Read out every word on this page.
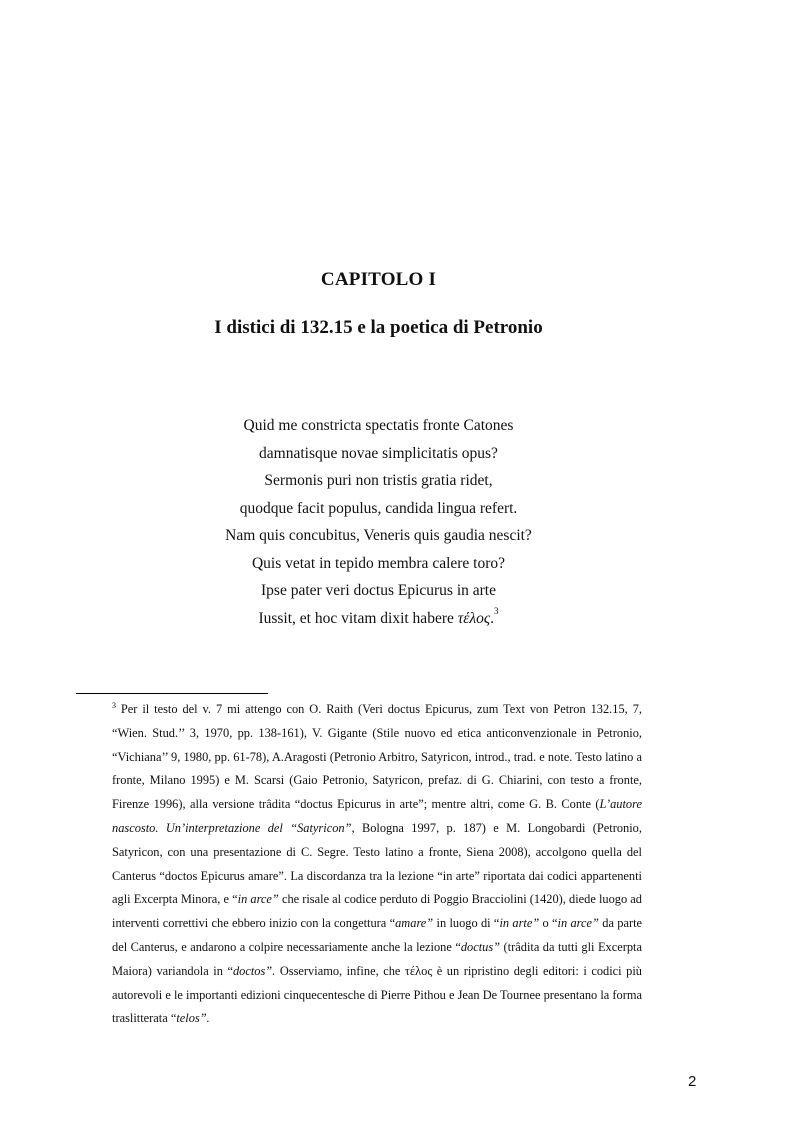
CAPITOLO I
I distici di 132.15 e la poetica di Petronio
Quid me constricta spectatis fronte Catones
damnatisque novae simplicitatis opus?
Sermonis puri non tristis gratia ridet,
quodque facit populus, candida lingua refert.
Nam quis concubitus, Veneris quis gaudia nescit?
Quis vetat in tepido membra calere toro?
Ipse pater veri doctus Epicurus in arte
Iussit, et hoc vitam dixit habere τέλος.$^3$
$^3$ Per il testo del v. 7 mi attengo con O. Raith (Veri doctus Epicurus, zum Text von Petron 132.15, 7, “Wien. Stud.’’ 3, 1970, pp. 138-161), V. Gigante (Stile nuovo ed etica anticonvenzionale in Petronio, “Vichiana’’ 9, 1980, pp. 61-78), A.Aragosti (Petronio Arbitro, Satyricon, introd., trad. e note. Testo latino a fronte, Milano 1995) e M. Scarsi (Gaio Petronio, Satyricon, prefaz. di G. Chiarini, con testo a fronte, Firenze 1996), alla versione trâdita “doctus Epicurus in arte”; mentre altri, come G. B. Conte (L’autore nascosto. Un’interpretazione del “Satyricon”, Bologna 1997, p. 187) e M. Longobardi (Petronio, Satyricon, con una presentazione di C. Segre. Testo latino a fronte, Siena 2008), accolgono quella del Canterus “doctos Epicurus amare”. La discordanza tra la lezione “in arte” riportata dai codici appartenenti agli Excerpta Minora, e “in arce” che risale al codice perduto di Poggio Bracciolini (1420), diede luogo ad interventi correttivi che ebbero inizio con la congettura “amare” in luogo di “in arte” o “in arce” da parte del Canterus, e andarono a colpire necessariamente anche la lezione “doctus” (trâdita da tutti gli Excerpta Maiora) variandola in “doctos”. Osserviamo, infine, che τέλος è un ripristino degli editori: i codici più autorevoli e le importanti edizioni cinquecentesche di Pierre Pithou e Jean De Tournee presentano la forma traslitterata “telos”.
2
